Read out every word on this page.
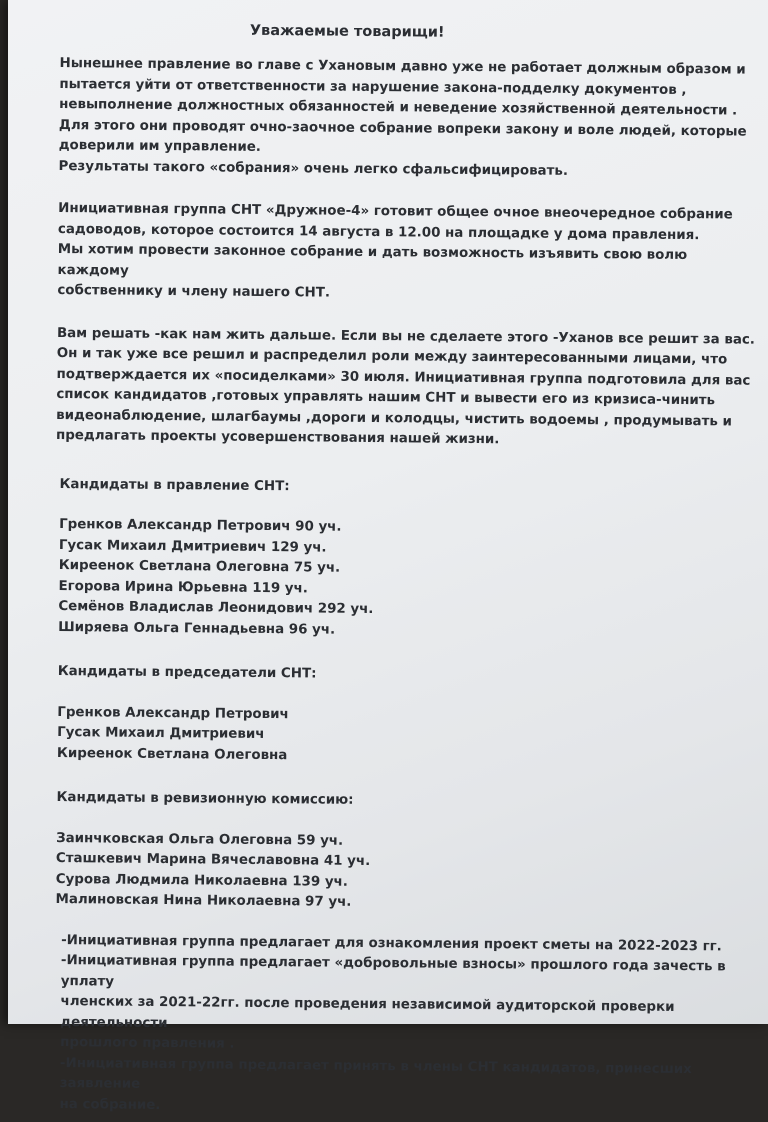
Уважаемые товарищи!

Нынешнее правление во главе с Ухановым давно уже не работает должным образом и
пытается уйти от ответственности за нарушение закона-подделку документов ,
невыполнение должностных обязанностей и неведение хозяйственной деятельности .

Для этого они проводят очно-заочное собрание вопреки закону и воле людей, которые
доверили им управление.

Результаты такого «собрания» очень легко сфальсифицировать.

Инициативная группа СНТ «Дружное-4» готовит общее очное внеочередное собрание
садоводов, которое состоится 14 августа в 12.00 на площадке у дома правления.

Мы хотим провести законное собрание и дать возможность изъявить свою волю каждому
собственнику и члену нашего СНТ.

Вам решать -как нам жить дальше. Если вы не сделаете этого -Уханов все решит за вас.
Он и так уже все решил и распределил роли между заинтересованными лицами, что
подтверждается их «посиделками» 30 июля. Инициативная группа подготовила для вас
список кандидатов ,готовых управлять нашим СНТ и вывести его из кризиса-чинить
видеонаблюдение, шлагбаумы ,дороги и колодцы, чистить водоемы , продумывать и
предлагать проекты усовершенствования нашей жизни.

Кандидаты в правление СНТ:

Гренков Александр Петрович 90 уч.
Гусак Михаил Дмитриевич 129 уч.
Киреенок Светлана Олеговна 75 уч.
Егорова Ирина Юрьевна 119 уч.
Семёнов Владислав Леонидович 292 уч.
Ширяева Ольга Геннадьевна 96 уч.

Кандидаты в председатели СНТ:

Гренков Александр Петрович
Гусак Михаил Дмитриевич
Киреенок Светлана Олеговна

Кандидаты в ревизионную комиссию:

Заинчковская Ольга Олеговна 59 уч.
Сташкевич Марина Вячеславовна 41 уч.
Сурова Людмила Николаевна 139 уч.
Малиновская Нина Николаевна 97 уч.

-Инициативная группа предлагает для ознакомления проект сметы на 2022-2023 гг.

-Инициативная группа предлагает «добровольные взносы» прошлого года зачесть в уплату
членских за 2021-22гг. после проведения независимой аудиторской проверки деятельности
прошлого правления .

-Инициативная группа предлагает принять в члены СНТ кандидатов, принесших заявление
на собрание.
